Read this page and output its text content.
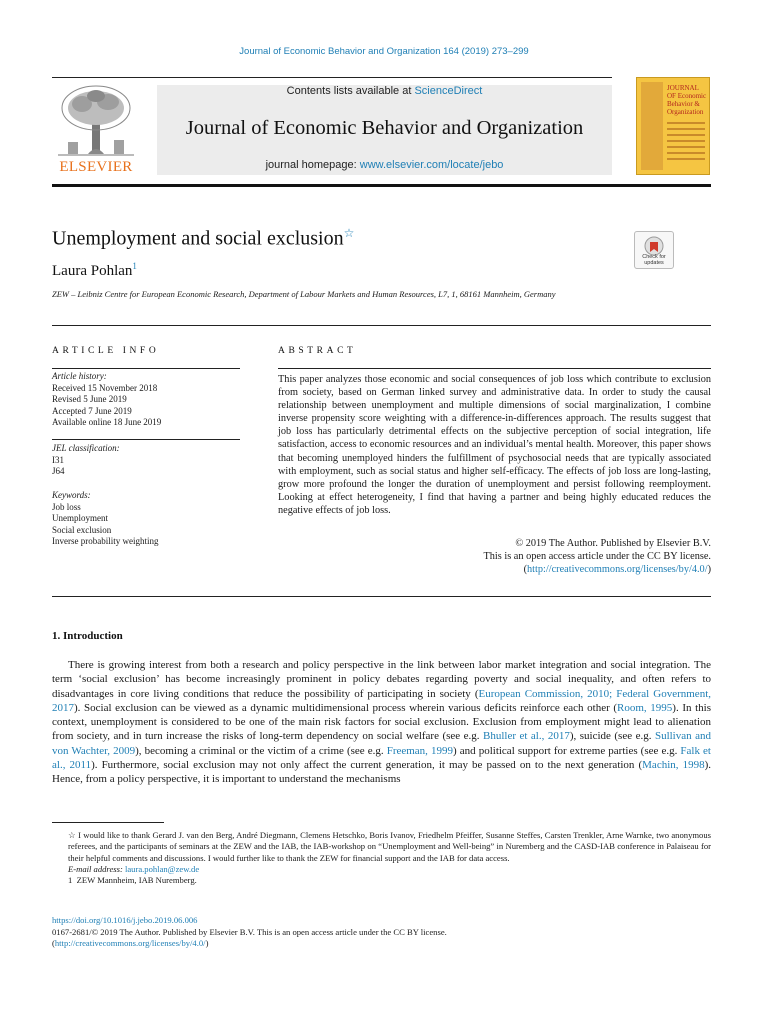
Journal of Economic Behavior and Organization 164 (2019) 273–299
ELSEVIER
Contents lists available at ScienceDirect
Journal of Economic Behavior and Organization
journal homepage: www.elsevier.com/locate/jebo
JOURNAL OF Economic Behavior & Organization
Unemployment and social exclusion☆
Check for updates
Laura Pohlan$^1$
ZEW – Leibniz Centre for European Economic Research, Department of Labour Markets and Human Resources, L7, 1, 68161 Mannheim, Germany
ARTICLE INFO
Article history:
Received 15 November 2018
Revised 5 June 2019
Accepted 7 June 2019
Available online 18 June 2019
JEL classification:
I31
J64
Keywords:
Job loss
Unemployment
Social exclusion
Inverse probability weighting
ABSTRACT
This paper analyzes those economic and social consequences of job loss which contribute to exclusion from society, based on German linked survey and administrative data. In order to study the causal relationship between unemployment and multiple dimensions of social marginalization, I combine inverse propensity score weighting with a difference-in-differences approach. The results suggest that job loss has particularly detrimental effects on the subjective perception of social integration, life satisfaction, access to economic resources and an individual’s mental health. Moreover, this paper shows that becoming unemployed hinders the fulfillment of psychosocial needs that are typically associated with employment, such as social status and higher self-efficacy. The effects of job loss are long-lasting, grow more profound the longer the duration of unemployment and persist following reemployment. Looking at effect heterogeneity, I find that having a partner and being highly educated reduces the negative effects of job loss.
© 2019 The Author. Published by Elsevier B.V.
This is an open access article under the CC BY license.
(http://creativecommons.org/licenses/by/4.0/)
1. Introduction
There is growing interest from both a research and policy perspective in the link between labor market integration and social integration. The term ‘social exclusion’ has become increasingly prominent in policy debates regarding poverty and social inequality, and often refers to disadvantages in core living conditions that reduce the possibility of participating in society (European Commission, 2010; Federal Government, 2017). Social exclusion can be viewed as a dynamic multidimensional process wherein various deficits reinforce each other (Room, 1995). In this context, unemployment is considered to be one of the main risk factors for social exclusion. Exclusion from employment might lead to alienation from society, and in turn increase the risks of long-term dependency on social welfare (see e.g. Bhuller et al., 2017), suicide (see e.g. Sullivan and von Wachter, 2009), becoming a criminal or the victim of a crime (see e.g. Freeman, 1999) and political support for extreme parties (see e.g. Falk et al., 2011). Furthermore, social exclusion may not only affect the current generation, it may be passed on to the next generation (Machin, 1998). Hence, from a policy perspective, it is important to understand the mechanisms
☆ I would like to thank Gerard J. van den Berg, André Diegmann, Clemens Hetschko, Boris Ivanov, Friedhelm Pfeiffer, Susanne Steffes, Carsten Trenkler, Arne Warnke, two anonymous referees, and the participants of seminars at the ZEW and the IAB, the IAB-workshop on “Unemployment and Well-being” in Nuremberg and the CASD-IAB conference in Palaiseau for their helpful comments and discussions. I would further like to thank the ZEW for financial support and the IAB for data access.
E-mail address: laura.pohlan@zew.de
1 ZEW Mannheim, IAB Nuremberg.
https://doi.org/10.1016/j.jebo.2019.06.006
0167-2681/© 2019 The Author. Published by Elsevier B.V. This is an open access article under the CC BY license.
(http://creativecommons.org/licenses/by/4.0/)
